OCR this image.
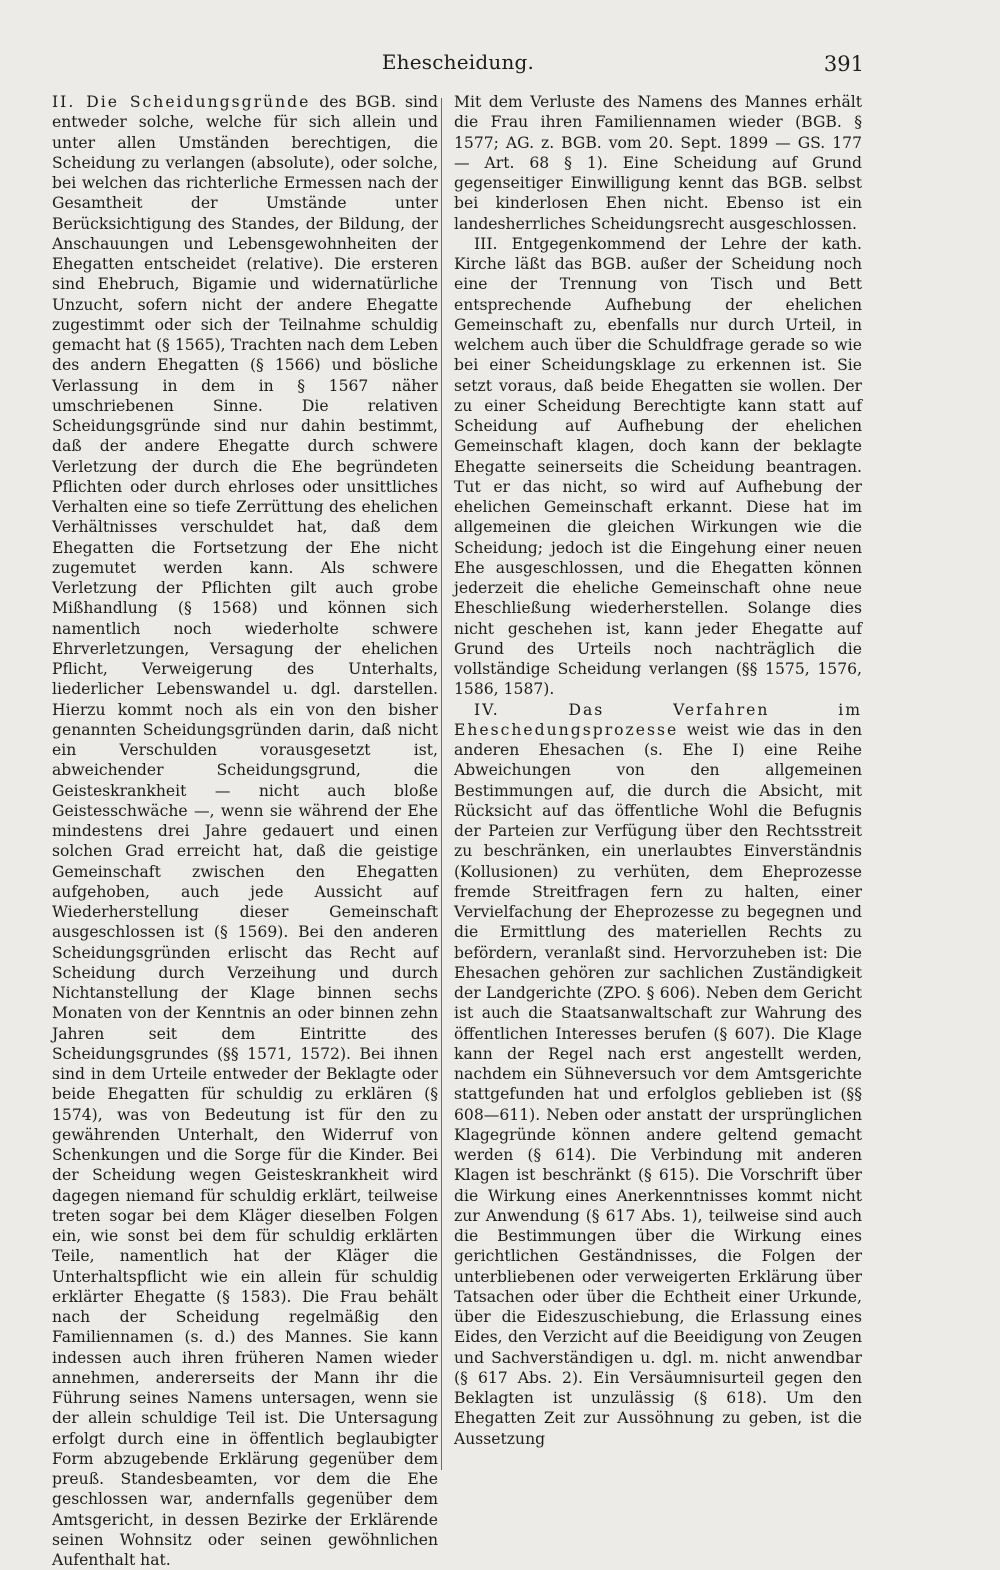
Ehescheidung.	391

II. Die Scheidungsgründe des BGB. sind entweder solche, welche für sich allein und unter allen Umständen berechtigen, die Scheidung zu verlangen (absolute), oder solche, bei welchen das richterliche Ermessen nach der Gesamtheit der Umstände unter Berücksichtigung des Standes, der Bildung, der Anschauungen und Lebensgewohnheiten der Ehegatten entscheidet (relative). Die ersteren sind Ehebruch, Bigamie und widernatürliche Unzucht, sofern nicht der andere Ehegatte zugestimmt oder sich der Teilnahme schuldig gemacht hat (§ 1565), Trachten nach dem Leben des andern Ehegatten (§ 1566) und bösliche Verlassung in dem in § 1567 näher umschriebenen Sinne. Die relativen Scheidungsgründe sind nur dahin bestimmt, daß der andere Ehegatte durch schwere Verletzung der durch die Ehe begründeten Pflichten oder durch ehrloses oder unsittliches Verhalten eine so tiefe Zerrüttung des ehelichen Verhältnisses verschuldet hat, daß dem Ehegatten die Fortsetzung der Ehe nicht zugemutet werden kann. Als schwere Verletzung der Pflichten gilt auch grobe Mißhandlung (§ 1568) und können sich namentlich noch wiederholte schwere Ehrverletzungen, Versagung der ehelichen Pflicht, Verweigerung des Unterhalts, liederlicher Lebenswandel u. dgl. darstellen. Hierzu kommt noch als ein von den bisher genannten Scheidungsgründen darin, daß nicht ein Verschulden vorausgesetzt ist, abweichender Scheidungsgrund, die Geisteskrankheit — nicht auch bloße Geistesschwäche —, wenn sie während der Ehe mindestens drei Jahre gedauert und einen solchen Grad erreicht hat, daß die geistige Gemeinschaft zwischen den Ehegatten aufgehoben, auch jede Aussicht auf Wiederherstellung dieser Gemeinschaft ausgeschlossen ist (§ 1569). Bei den anderen Scheidungsgründen erlischt das Recht auf Scheidung durch Verzeihung und durch Nichtanstellung der Klage binnen sechs Monaten von der Kenntnis an oder binnen zehn Jahren seit dem Eintritte des Scheidungsgrundes (§§ 1571, 1572). Bei ihnen sind in dem Urteile entweder der Beklagte oder beide Ehegatten für schuldig zu erklären (§ 1574), was von Bedeutung ist für den zu gewährenden Unterhalt, den Widerruf von Schenkungen und die Sorge für die Kinder. Bei der Scheidung wegen Geisteskrankheit wird dagegen niemand für schuldig erklärt, teilweise treten sogar bei dem Kläger dieselben Folgen ein, wie sonst bei dem für schuldig erklärten Teile, namentlich hat der Kläger die Unterhaltspflicht wie ein allein für schuldig erklärter Ehegatte (§ 1583). Die Frau behält nach der Scheidung regelmäßig den Familiennamen (s. d.) des Mannes. Sie kann indessen auch ihren früheren Namen wieder annehmen, andererseits der Mann ihr die Führung seines Namens untersagen, wenn sie der allein schuldige Teil ist. Die Untersagung erfolgt durch eine in öffentlich beglaubigter Form abzugebende Erklärung gegenüber dem preuß. Standesbeamten, vor dem die Ehe geschlossen war, andernfalls gegenüber dem Amtsgericht, in dessen Bezirke der Erklärende seinen Wohnsitz oder seinen gewöhnlichen Aufenthalt hat.

Mit dem Verluste des Namens des Mannes erhält die Frau ihren Familiennamen wieder (BGB. § 1577; AG. z. BGB. vom 20. Sept. 1899 — GS. 177 — Art. 68 § 1). Eine Scheidung auf Grund gegenseitiger Einwilligung kennt das BGB. selbst bei kinderlosen Ehen nicht. Ebenso ist ein landesherrliches Scheidungsrecht ausgeschlossen.

III. Entgegenkommend der Lehre der kath. Kirche läßt das BGB. außer der Scheidung noch eine der Trennung von Tisch und Bett entsprechende Aufhebung der ehelichen Gemeinschaft zu, ebenfalls nur durch Urteil, in welchem auch über die Schuldfrage gerade so wie bei einer Scheidungsklage zu erkennen ist. Sie setzt voraus, daß beide Ehegatten sie wollen. Der zu einer Scheidung Berechtigte kann statt auf Scheidung auf Aufhebung der ehelichen Gemeinschaft klagen, doch kann der beklagte Ehegatte seinerseits die Scheidung beantragen. Tut er das nicht, so wird auf Aufhebung der ehelichen Gemeinschaft erkannt. Diese hat im allgemeinen die gleichen Wirkungen wie die Scheidung; jedoch ist die Eingehung einer neuen Ehe ausgeschlossen, und die Ehegatten können jederzeit die eheliche Gemeinschaft ohne neue Eheschließung wiederherstellen. Solange dies nicht geschehen ist, kann jeder Ehegatte auf Grund des Urteils noch nachträglich die vollständige Scheidung verlangen (§§ 1575, 1576, 1586, 1587).

IV. Das Verfahren im Eheschedungsprozesse weist wie das in den anderen Ehesachen (s. Ehe I) eine Reihe Abweichungen von den allgemeinen Bestimmungen auf, die durch die Absicht, mit Rücksicht auf das öffentliche Wohl die Befugnis der Parteien zur Verfügung über den Rechtsstreit zu beschränken, ein unerlaubtes Einverständnis (Kollusionen) zu verhüten, dem Eheprozesse fremde Streitfragen fern zu halten, einer Vervielfachung der Eheprozesse zu begegnen und die Ermittlung des materiellen Rechts zu befördern, veranlaßt sind. Hervorzuheben ist: Die Ehesachen gehören zur sachlichen Zuständigkeit der Landgerichte (ZPO. § 606). Neben dem Gericht ist auch die Staatsanwaltschaft zur Wahrung des öffentlichen Interesses berufen (§ 607). Die Klage kann der Regel nach erst angestellt werden, nachdem ein Sühneversuch vor dem Amtsgerichte stattgefunden hat und erfolglos geblieben ist (§§ 608—611). Neben oder anstatt der ursprünglichen Klagegründe können andere geltend gemacht werden (§ 614). Die Verbindung mit anderen Klagen ist beschränkt (§ 615). Die Vorschrift über die Wirkung eines Anerkenntnisses kommt nicht zur Anwendung (§ 617 Abs. 1), teilweise sind auch die Bestimmungen über die Wirkung eines gerichtlichen Geständnisses, die Folgen der unterbliebenen oder verweigerten Erklärung über Tatsachen oder über die Echtheit einer Urkunde, über die Eideszuschiebung, die Erlassung eines Eides, den Verzicht auf die Beeidigung von Zeugen und Sachverständigen u. dgl. m. nicht anwendbar (§ 617 Abs. 2). Ein Versäumnisurteil gegen den Beklagten ist unzulässig (§ 618). Um den Ehegatten Zeit zur Aussöhnung zu geben, ist die Aussetzung
